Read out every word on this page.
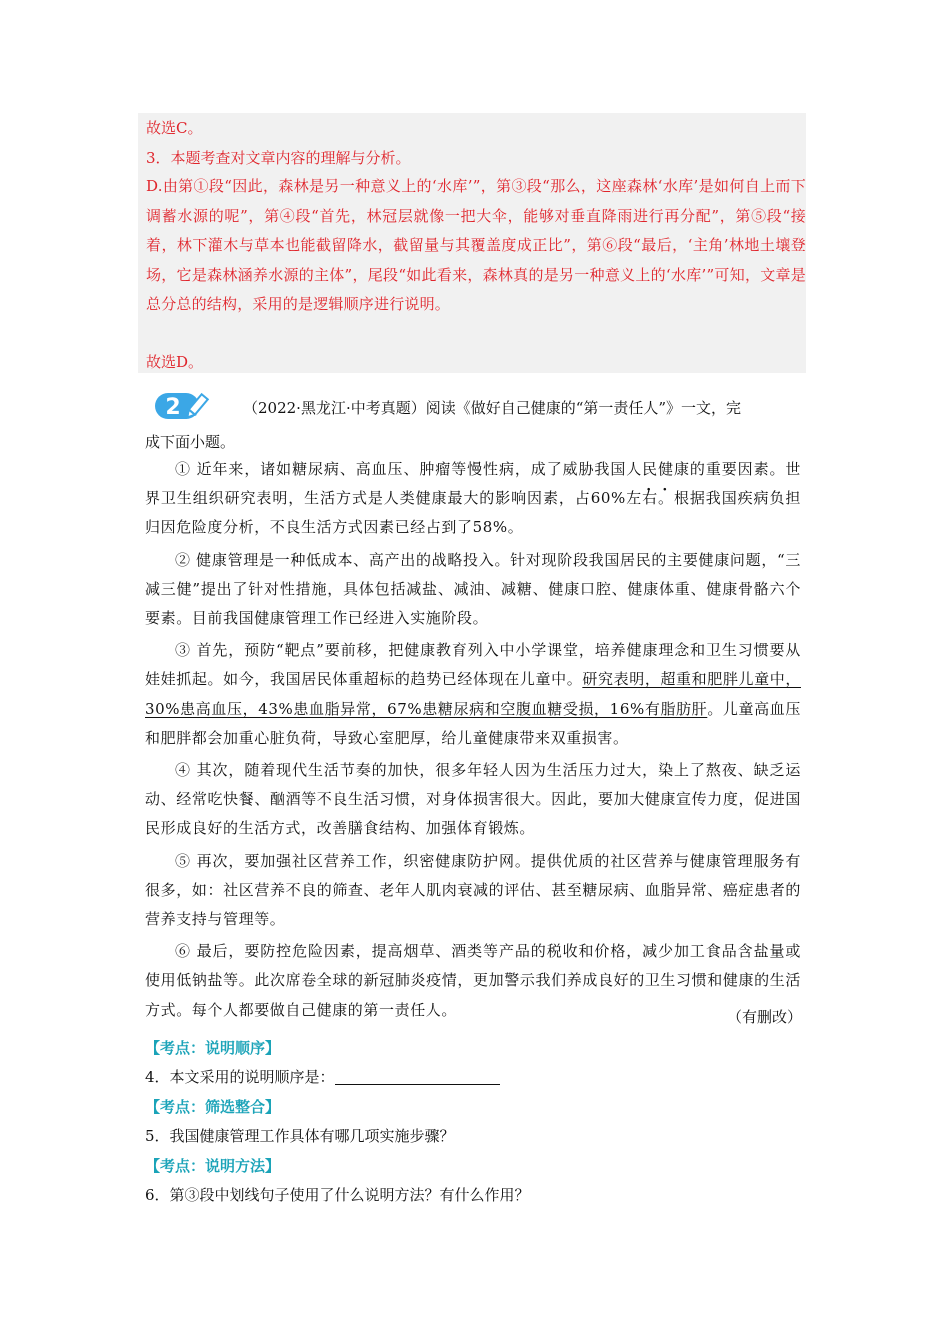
故选C。
3．本题考查对文章内容的理解与分析。
D.由第①段“因此，森林是另一种意义上的‘水库’”，第③段“那么，这座森林‘水库’是如何自上而下调蓄水源的呢”，第④段“首先，林冠层就像一把大伞，能够对垂直降雨进行再分配”，第⑤段“接着，林下灌木与草本也能截留降水，截留量与其覆盖度成正比”，第⑥段“最后，‘主角’林地土壤登场，它是森林涵养水源的主体”，尾段“如此看来，森林真的是另一种意义上的‘水库’”可知，文章是总分总的结构，采用的是逻辑顺序进行说明。
故选D。
2	（2022·黑龙江·中考真题）阅读《做好自己健康的“第一责任人”》一文，完
成下面小题。

① 近年来，诸如糖尿病、高血压、肿瘤等慢性病，成了威胁我国人民健康的重要因素。世界卫生组织研究表明，生活方式是人类健康最大的影响因素，占60%左右。根据我国疾病负担归因危险度分析，不良生活方式因素已经占到了58%。

② 健康管理是一种低成本、高产出的战略投入。针对现阶段我国居民的主要健康问题，“三减三健”提出了针对性措施，具体包括减盐、减油、减糖、健康口腔、健康体重、健康骨骼六个要素。目前我国健康管理工作已经进入实施阶段。

③ 首先，预防“靶点”要前移，把健康教育列入中小学课堂，培养健康理念和卫生习惯要从娃娃抓起。如今，我国居民体重超标的趋势已经体现在儿童中。研究表明，超重和肥胖儿童中，30%患高血压，43%患血脂异常，67%患糖尿病和空腹血糖受损，16%有脂肪肝。儿童高血压和肥胖都会加重心脏负荷，导致心室肥厚，给儿童健康带来双重损害。

④ 其次，随着现代生活节奏的加快，很多年轻人因为生活压力过大，染上了熬夜、缺乏运动、经常吃快餐、酗酒等不良生活习惯，对身体损害很大。因此，要加大健康宣传力度，促进国民形成良好的生活方式，改善膳食结构、加强体育锻炼。

⑤ 再次，要加强社区营养工作，织密健康防护网。提供优质的社区营养与健康管理服务有很多，如：社区营养不良的筛查、老年人肌肉衰减的评估、甚至糖尿病、血脂异常、癌症患者的营养支持与管理等。

⑥ 最后，要防控危险因素，提高烟草、酒类等产品的税收和价格，减少加工食品含盐量或使用低钠盐等。此次席卷全球的新冠肺炎疫情，更加警示我们养成良好的卫生习惯和健康的生活方式。每个人都要做自己健康的第一责任人。	（有删改）
【考点：说明顺序】
4．本文采用的说明顺序是：
【考点：筛选整合】
5．我国健康管理工作具体有哪几项实施步骤？
【考点：说明方法】
6．第③段中划线句子使用了什么说明方法？有什么作用？
